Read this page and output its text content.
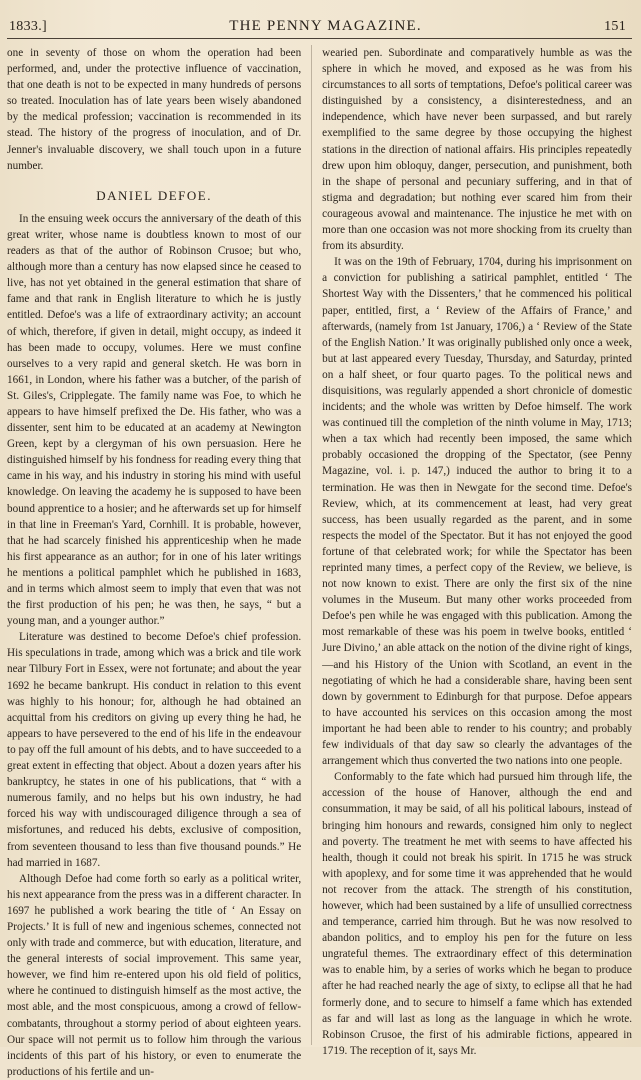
1833.]	THE PENNY MAGAZINE.	151

one in seventy of those on whom the operation had been performed, and, under the protective influence of vaccination, that one death is not to be expected in many hundreds of persons so treated. Inoculation has of late years been wisely abandoned by the medical profession; vaccination is recommended in its stead. The history of the progress of inoculation, and of Dr. Jenner's invaluable discovery, we shall touch upon in a future number.

DANIEL DEFOE.

In the ensuing week occurs the anniversary of the death of this great writer, whose name is doubtless known to most of our readers as that of the author of Robinson Crusoe; but who, although more than a century has now elapsed since he ceased to live, has not yet obtained in the general estimation that share of fame and that rank in English literature to which he is justly entitled. Defoe's was a life of extraordinary activity; an account of which, therefore, if given in detail, might occupy, as indeed it has been made to occupy, volumes. Here we must confine ourselves to a very rapid and general sketch. He was born in 1661, in London, where his father was a butcher, of the parish of St. Giles's, Cripplegate. The family name was Foe, to which he appears to have himself prefixed the De. His father, who was a dissenter, sent him to be educated at an academy at Newington Green, kept by a clergyman of his own persuasion. Here he distinguished himself by his fondness for reading every thing that came in his way, and his industry in storing his mind with useful knowledge. On leaving the academy he is supposed to have been bound apprentice to a hosier; and he afterwards set up for himself in that line in Freeman's Yard, Cornhill. It is probable, however, that he had scarcely finished his apprenticeship when he made his first appearance as an author; for in one of his later writings he mentions a political pamphlet which he published in 1683, and in terms which almost seem to imply that even that was not the first production of his pen; he was then, he says, “ but a young man, and a younger author.”

Literature was destined to become Defoe's chief profession. His speculations in trade, among which was a brick and tile work near Tilbury Fort in Essex, were not fortunate; and about the year 1692 he became bankrupt. His conduct in relation to this event was highly to his honour; for, although he had obtained an acquittal from his creditors on giving up every thing he had, he appears to have persevered to the end of his life in the endeavour to pay off the full amount of his debts, and to have succeeded to a great extent in effecting that object. About a dozen years after his bankruptcy, he states in one of his publications, that “ with a numerous family, and no helps but his own industry, he had forced his way with undiscouraged diligence through a sea of misfortunes, and reduced his debts, exclusive of composition, from seventeen thousand to less than five thousand pounds.” He had married in 1687.

Although Defoe had come forth so early as a political writer, his next appearance from the press was in a different character. In 1697 he published a work bearing the title of ‘ An Essay on Projects.’ It is full of new and ingenious schemes, connected not only with trade and commerce, but with education, literature, and the general interests of social improvement. This same year, however, we find him re-entered upon his old field of politics, where he continued to distinguish himself as the most active, the most able, and the most conspicuous, among a crowd of fellow-combatants, throughout a stormy period of about eighteen years. Our space will not permit us to follow him through the various incidents of this part of his history, or even to enumerate the productions of his fertile and un-

wearied pen. Subordinate and comparatively humble as was the sphere in which he moved, and exposed as he was from his circumstances to all sorts of temptations, Defoe's political career was distinguished by a consistency, a disinterestedness, and an independence, which have never been surpassed, and but rarely exemplified to the same degree by those occupying the highest stations in the direction of national affairs. His principles repeatedly drew upon him obloquy, danger, persecution, and punishment, both in the shape of personal and pecuniary suffering, and in that of stigma and degradation; but nothing ever scared him from their courageous avowal and maintenance. The injustice he met with on more than one occasion was not more shocking from its cruelty than from its absurdity.

It was on the 19th of February, 1704, during his imprisonment on a conviction for publishing a satirical pamphlet, entitled ‘ The Shortest Way with the Dissenters,’ that he commenced his political paper, entitled, first, a ‘ Review of the Affairs of France,’ and afterwards, (namely from 1st January, 1706,) a ‘ Review of the State of the English Nation.’ It was originally published only once a week, but at last appeared every Tuesday, Thursday, and Saturday, printed on a half sheet, or four quarto pages. To the political news and disquisitions, was regularly appended a short chronicle of domestic incidents; and the whole was written by Defoe himself. The work was continued till the completion of the ninth volume in May, 1713; when a tax which had recently been imposed, the same which probably occasioned the dropping of the Spectator, (see Penny Magazine, vol. i. p. 147,) induced the author to bring it to a termination. He was then in Newgate for the second time. Defoe's Review, which, at its commencement at least, had very great success, has been usually regarded as the parent, and in some respects the model of the Spectator. But it has not enjoyed the good fortune of that celebrated work; for while the Spectator has been reprinted many times, a perfect copy of the Review, we believe, is not now known to exist. There are only the first six of the nine volumes in the Museum. But many other works proceeded from Defoe's pen while he was engaged with this publication. Among the most remarkable of these was his poem in twelve books, entitled ‘ Jure Divino,’ an able attack on the notion of the divine right of kings,—and his History of the Union with Scotland, an event in the negotiating of which he had a considerable share, having been sent down by government to Edinburgh for that purpose. Defoe appears to have accounted his services on this occasion among the most important he had been able to render to his country; and probably few individuals of that day saw so clearly the advantages of the arrangement which thus converted the two nations into one people.

Conformably to the fate which had pursued him through life, the accession of the house of Hanover, although the end and consummation, it may be said, of all his political labours, instead of bringing him honours and rewards, consigned him only to neglect and poverty. The treatment he met with seems to have affected his health, though it could not break his spirit. In 1715 he was struck with apoplexy, and for some time it was apprehended that he would not recover from the attack. The strength of his constitution, however, which had been sustained by a life of unsullied correctness and temperance, carried him through. But he was now resolved to abandon politics, and to employ his pen for the future on less ungrateful themes. The extraordinary effect of this determination was to enable him, by a series of works which he began to produce after he had reached nearly the age of sixty, to eclipse all that he had formerly done, and to secure to himself a fame which has extended as far and will last as long as the language in which he wrote. Robinson Crusoe, the first of his admirable fictions, appeared in 1719. The reception of it, says Mr.
